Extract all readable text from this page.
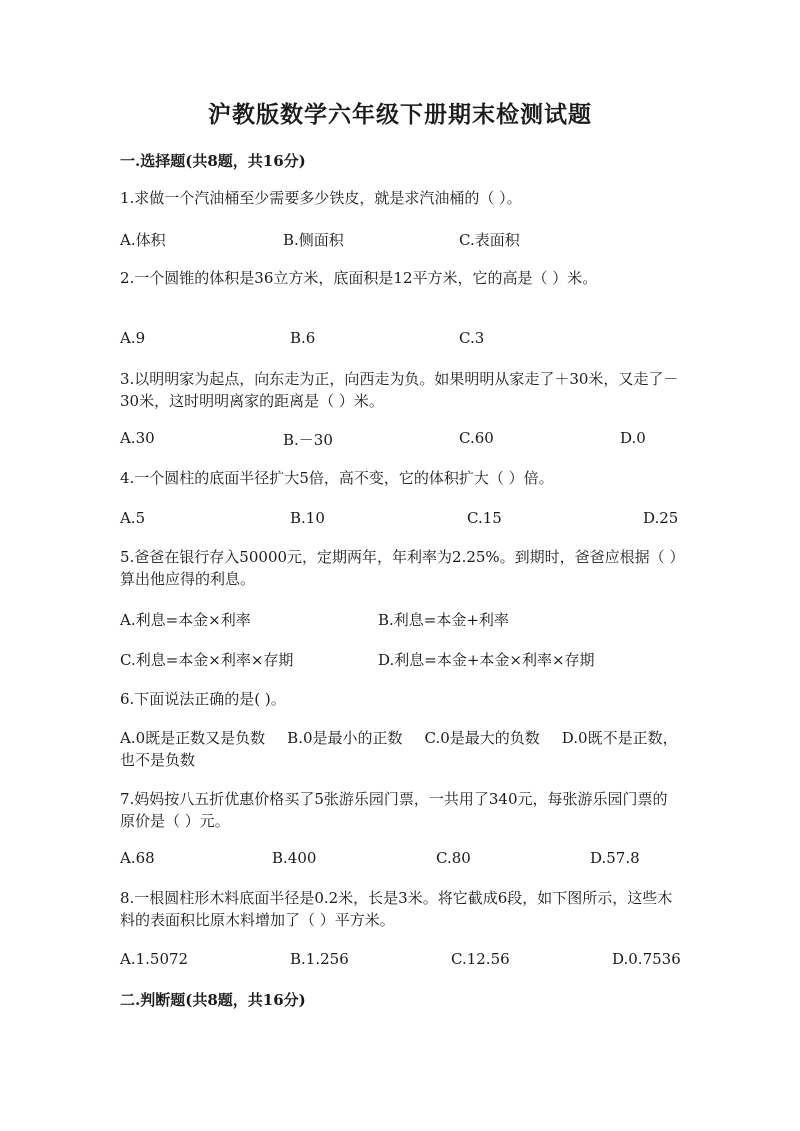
沪教版数学六年级下册期末检测试题
一.选择题(共8题，共16分)
1.求做一个汽油桶至少需要多少铁皮，就是求汽油桶的（ ）。
A.体积	B.侧面积	C.表面积
2.一个圆锥的体积是36立方米，底面积是12平方米，它的高是（ ）米。
A.9	B.6	C.3
3.以明明家为起点，向东走为正，向西走为负。如果明明从家走了＋30米，又走了－30米，这时明明离家的距离是（ ）米。
A.30	B.－30	C.60	D.0
4.一个圆柱的底面半径扩大5倍，高不变，它的体积扩大（ ）倍。
A.5	B.10	C.15	D.25
5.爸爸在银行存入50000元，定期两年，年利率为2.25%。到期时，爸爸应根据（ ）算出他应得的利息。
A.利息=本金×利率	B.利息=本金+利率
C.利息=本金×利率×存期	D.利息=本金+本金×利率×存期
6.下面说法正确的是( )。
A.0既是正数又是负数 B.0是最小的正数 C.0是最大的负数 D.0既不是正数，也不是负数
7.妈妈按八五折优惠价格买了5张游乐园门票，一共用了340元，每张游乐园门票的原价是（ ）元。
A.68	B.400	C.80	D.57.8
8.一根圆柱形木料底面半径是0.2米，长是3米。将它截成6段，如下图所示，这些木料的表面积比原木料增加了（ ）平方米。
A.1.5072	B.1.256	C.12.56	D.0.7536
二.判断题(共8题，共16分)
